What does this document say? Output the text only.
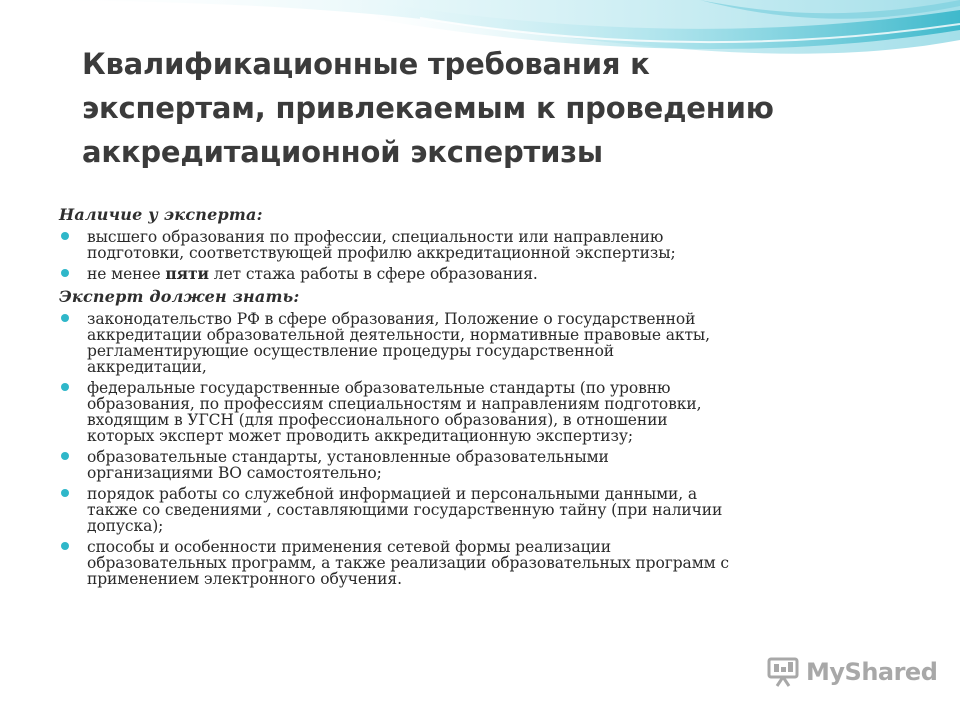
Квалификационные требования к
экспертам, привлекаемым к проведению
аккредитационной экспертизы

Наличие у эксперта:

высшего образования по профессии, специальности или направлению
подготовки, соответствующей профилю аккредитационной экспертизы;
не менее пяти лет стажа работы в сфере образования.

Эксперт должен знать:

законодательство РФ в сфере образования, Положение о государственной
аккредитации образовательной деятельности, нормативные правовые акты,
регламентирующие осуществление процедуры государственной
аккредитации,
федеральные государственные образовательные стандарты (по уровню
образования, по профессиям специальностям и направлениям подготовки,
входящим в УГСН (для профессионального образования), в отношении
которых эксперт может проводить аккредитационную экспертизу;
образовательные стандарты, установленные образовательными
организациями ВО самостоятельно;
порядок работы со служебной информацией и персональными данными, а
также со сведениями , составляющими государственную тайну (при наличии
допуска);
способы и особенности применения сетевой формы реализации
образовательных программ, а также реализации образовательных программ с
применением электронного обучения.
MyShared
